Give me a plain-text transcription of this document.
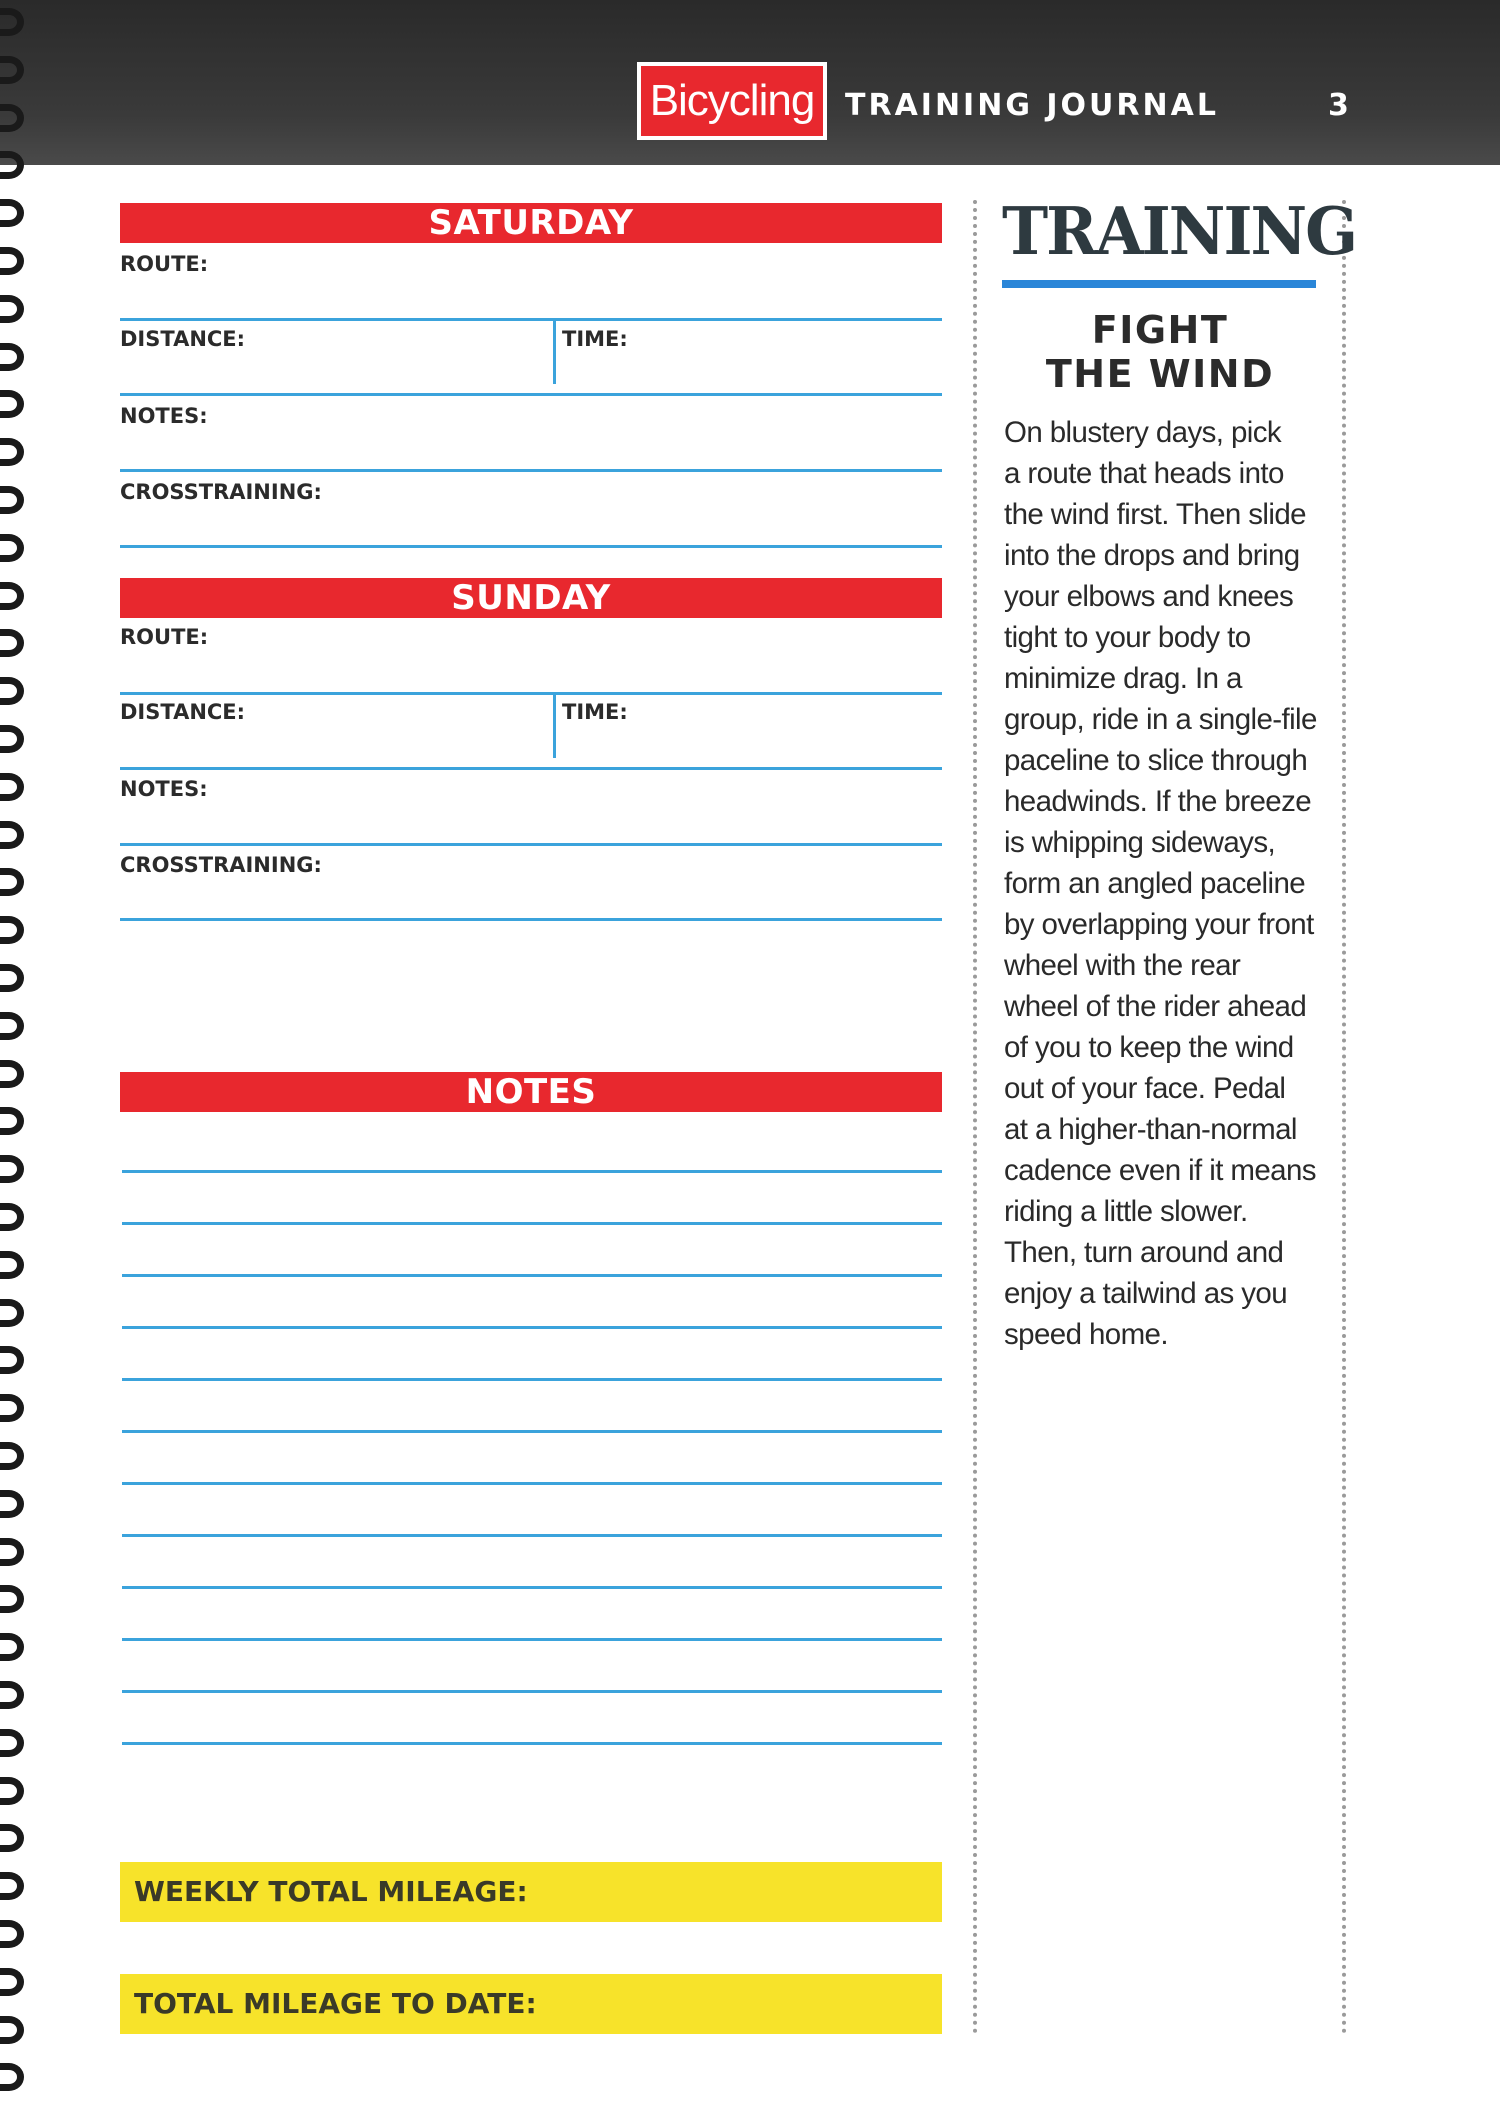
Bicycling	TRAINING JOURNAL	3
SATURDAY
ROUTE:
DISTANCE:	TIME:
NOTES:
CROSSTRAINING:
SUNDAY
ROUTE:
DISTANCE:	TIME:
NOTES:
CROSSTRAINING:
NOTES
WEEKLY TOTAL MILEAGE:
TOTAL MILEAGE TO DATE:
TRAINING
FIGHT
THE WIND
On blustery days, pick
a route that heads into
the wind first. Then slide
into the drops and bring
your elbows and knees
tight to your body to
minimize drag. In a
group, ride in a single-file
paceline to slice through
headwinds. If the breeze
is whipping sideways,
form an angled paceline
by overlapping your front
wheel with the rear
wheel of the rider ahead
of you to keep the wind
out of your face. Pedal
at a higher-than-normal
cadence even if it means
riding a little slower.
Then, turn around and
enjoy a tailwind as you
speed home.
